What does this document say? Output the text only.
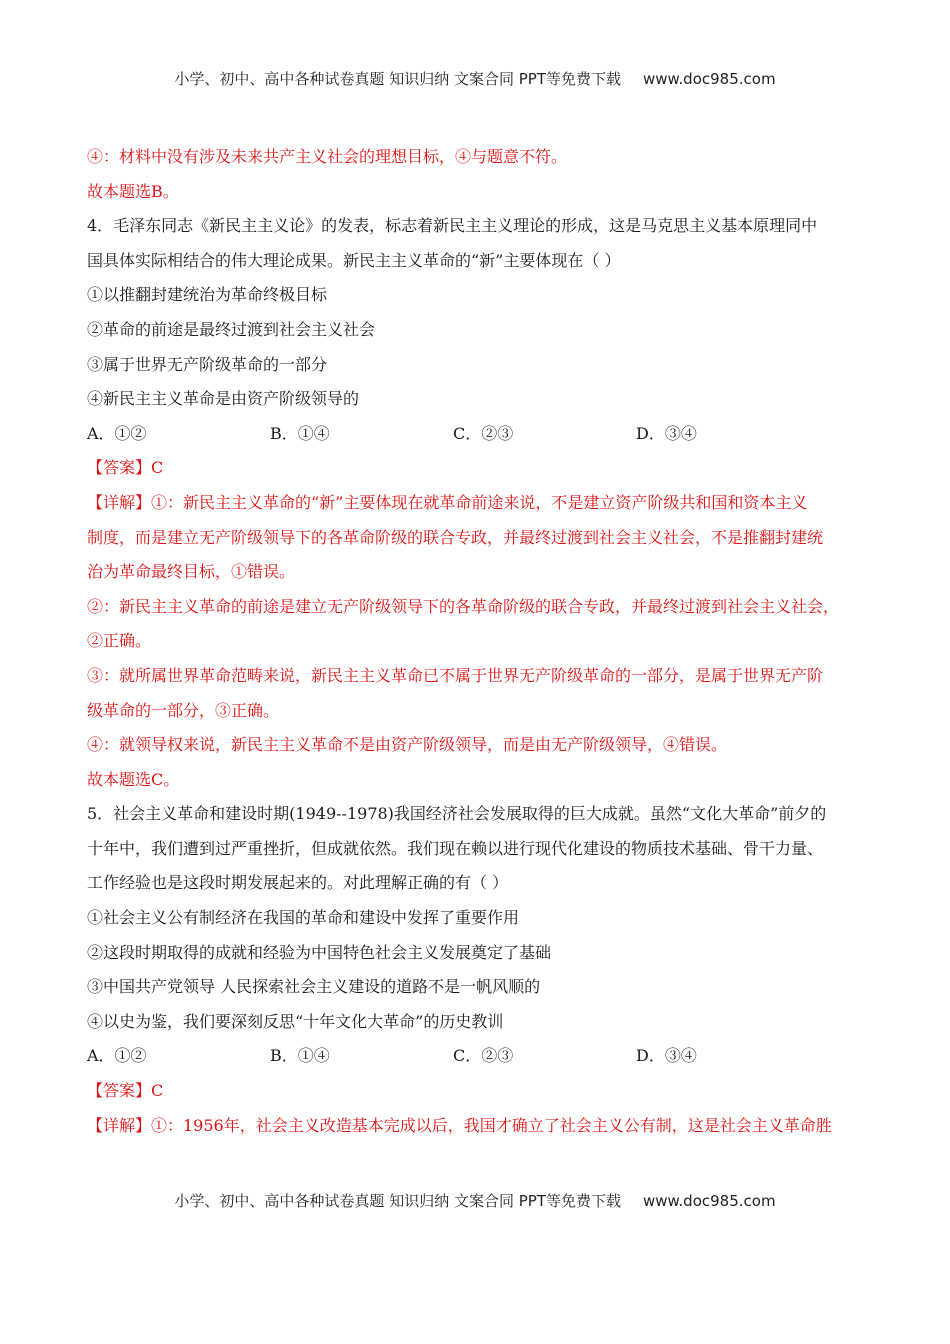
小学、初中、高中各种试卷真题 知识归纳 文案合同 PPT等免费下载 www.doc985.com
④：材料中没有涉及未来共产主义社会的理想目标，④与题意不符。
故本题选B。
4．毛泽东同志《新民主主义论》的发表，标志着新民主主义理论的形成，这是马克思主义基本原理同中
国具体实际相结合的伟大理论成果。新民主主义革命的“新”主要体现在（ ）
①以推翻封建统治为革命终极目标
②革命的前途是最终过渡到社会主义社会
③属于世界无产阶级革命的一部分
④新民主主义革命是由资产阶级领导的
A．①②	B．①④	C．②③	D．③④
【答案】C
【详解】①：新民主主义革命的“新”主要体现在就革命前途来说，不是建立资产阶级共和国和资本主义
制度，而是建立无产阶级领导下的各革命阶级的联合专政，并最终过渡到社会主义社会，不是推翻封建统
治为革命最终目标，①错误。
②：新民主主义革命的前途是建立无产阶级领导下的各革命阶级的联合专政，并最终过渡到社会主义社会，
②正确。
③：就所属世界革命范畴来说，新民主主义革命已不属于世界无产阶级革命的一部分，是属于世界无产阶
级革命的一部分，③正确。
④：就领导权来说，新民主主义革命不是由资产阶级领导，而是由无产阶级领导，④错误。
故本题选C。
5．社会主义革命和建设时期(1949--1978)我国经济社会发展取得的巨大成就。虽然“文化大革命”前夕的
十年中，我们遭到过严重挫折，但成就依然。我们现在赖以进行现代化建设的物质技术基础、骨干力量、
工作经验也是这段时期发展起来的。对此理解正确的有（ ）
①社会主义公有制经济在我国的革命和建设中发挥了重要作用
②这段时期取得的成就和经验为中国特色社会主义发展奠定了基础
③中国共产党领导 人民探索社会主义建设的道路不是一帆风顺的
④以史为鉴，我们要深刻反思“十年文化大革命”的历史教训
A．①②	B．①④	C．②③	D．③④
【答案】C
【详解】①：1956年，社会主义改造基本完成以后，我国才确立了社会主义公有制，这是社会主义革命胜
小学、初中、高中各种试卷真题 知识归纳 文案合同 PPT等免费下载 www.doc985.com
